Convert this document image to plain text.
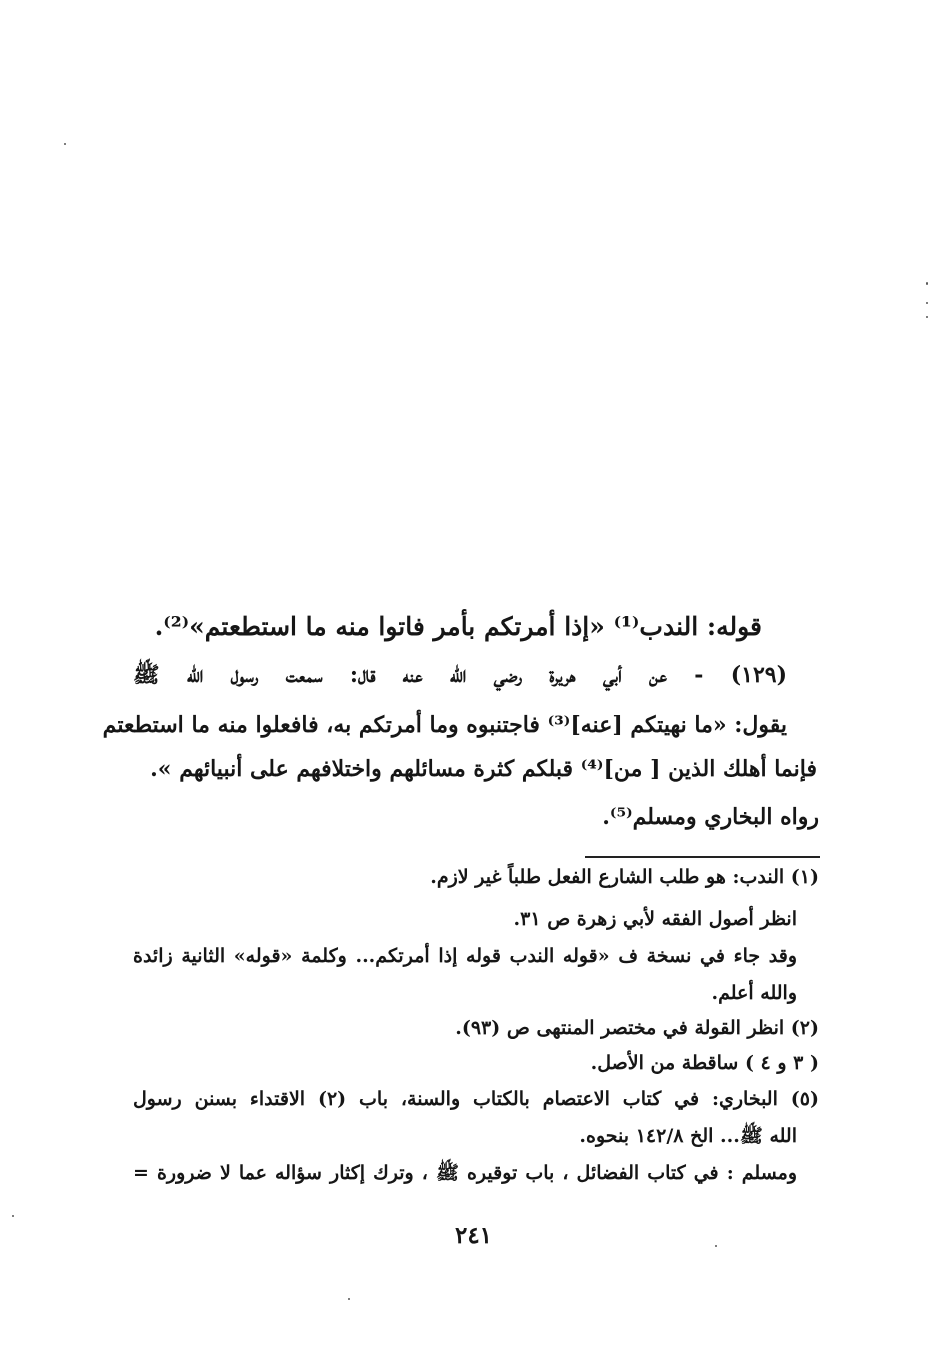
قوله: الندب⁽¹⁾ «إذا أمرتكم بأمر فاتوا منه ما استطعتم»⁽²⁾.
(١٢٩) - عن أبي هريرة رضي الله عنه قال: سمعت رسول الله ﷺ
يقول: «ما نهيتكم [عنه]⁽³⁾ فاجتنبوه وما أمرتكم به، فافعلوا منه ما استطعتم
فإنما أهلك الذين [ من]⁽⁴⁾ قبلكم كثرة مسائلهم واختلافهم على أنبيائهم ».
رواه البخاري ومسلم⁽⁵⁾.
(١) الندب: هو طلب الشارع الفعل طلباً غير لازم.
انظر أصول الفقه لأبي زهرة ص ٣١.
وقد جاء في نسخة ف «قوله الندب قوله إذا أمرتكم... وكلمة «قوله» الثانية زائدة
والله أعلم.
(٢) انظر القولة في مختصر المنتهى ص (٩٣).
( ٣ و ٤ ) ساقطة من الأصل.
(٥) البخاري: في كتاب الاعتصام بالكتاب والسنة، باب (٢) الاقتداء بسنن رسول
الله ﷺ... الخ ١٤٢/٨ بنحوه.
ومسلم : في كتاب الفضائل ، باب توقيره ﷺ ، وترك إكثار سؤاله عما لا ضرورة =
٢٤١
